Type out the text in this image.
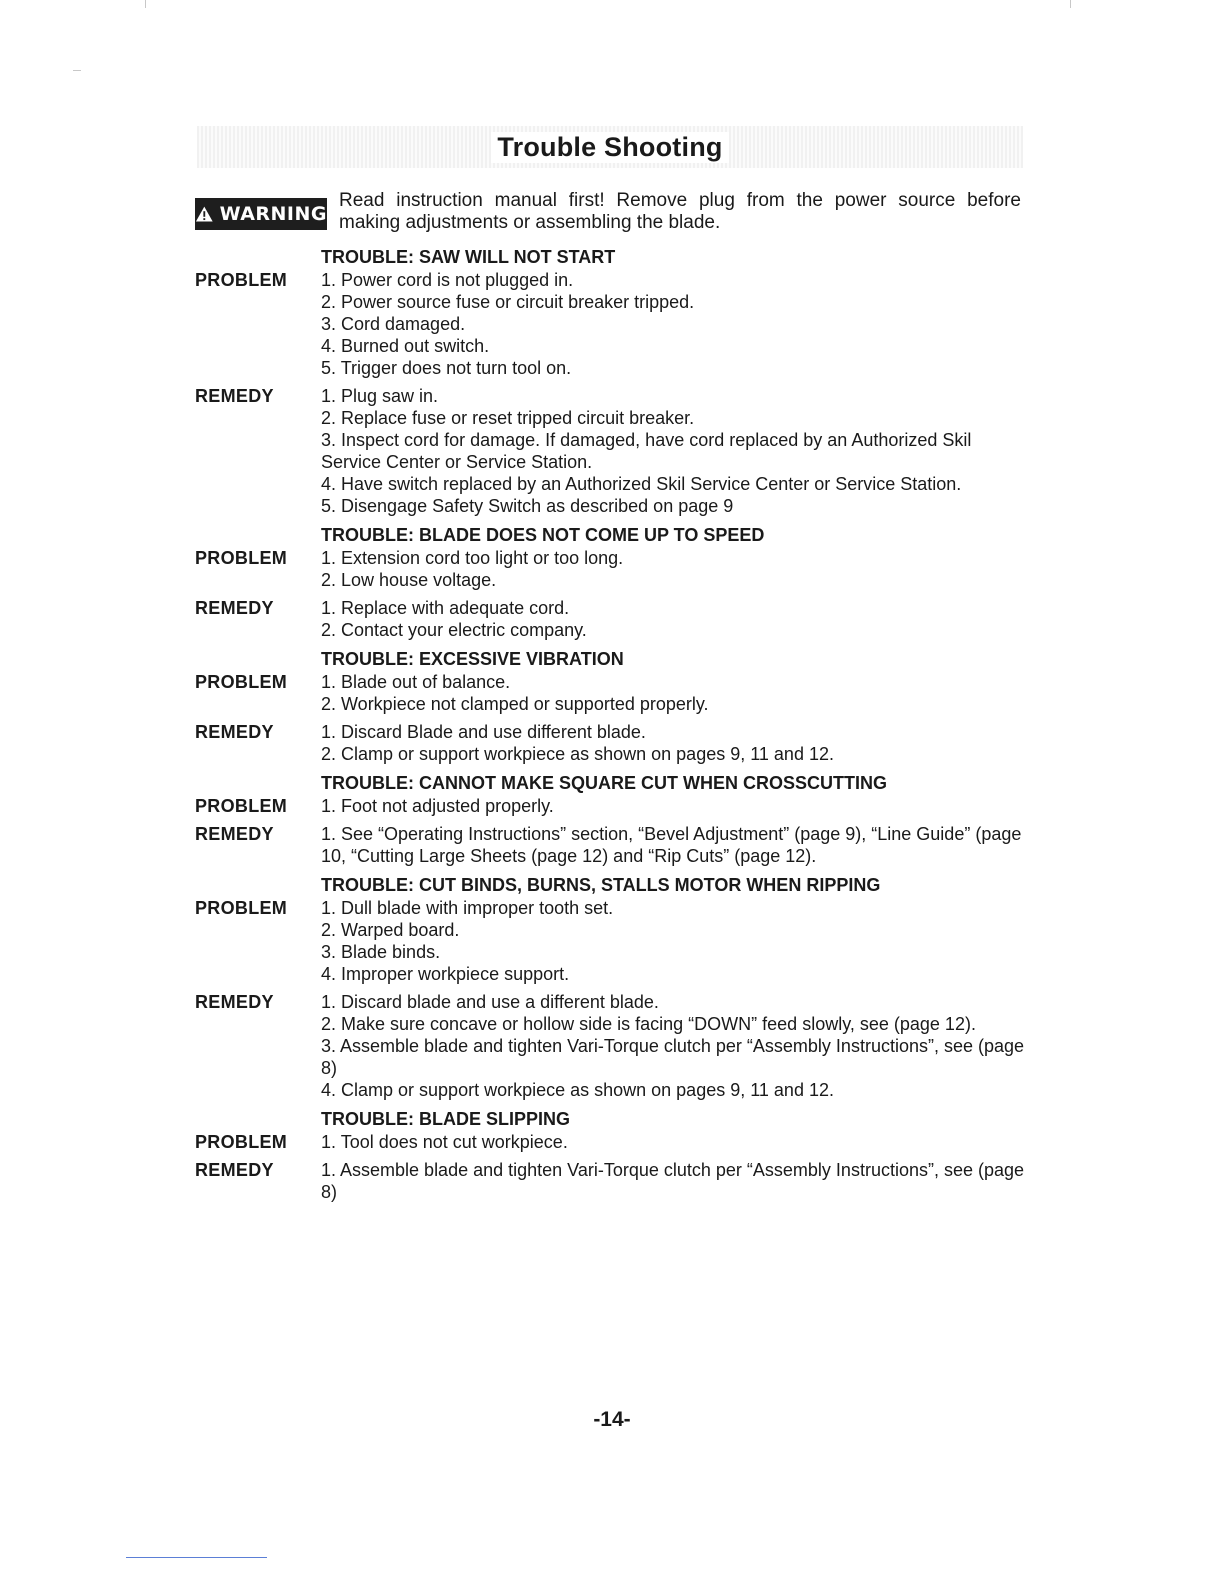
Trouble Shooting
WARNING
Read instruction manual first! Remove plug from the power source before making adjustments or assembling the blade.
TROUBLE: SAW WILL NOT START
PROBLEM	1. Power cord is not plugged in.
2. Power source fuse or circuit breaker tripped.
3. Cord damaged.
4. Burned out switch.
5. Trigger does not turn tool on.
REMEDY	1. Plug saw in.
2. Replace fuse or reset tripped circuit breaker.
3. Inspect cord for damage. If damaged, have cord replaced by an Authorized Skil Service Center or Service Station.
4. Have switch replaced by an Authorized Skil Service Center or Service Station.
5. Disengage Safety Switch as described on page 9
TROUBLE: BLADE DOES NOT COME UP TO SPEED
PROBLEM	1. Extension cord too light or too long.
2. Low house voltage.
REMEDY	1. Replace with adequate cord.
2. Contact your electric company.
TROUBLE: EXCESSIVE VIBRATION
PROBLEM	1. Blade out of balance.
2. Workpiece not clamped or supported properly.
REMEDY	1. Discard Blade and use different blade.
2. Clamp or support workpiece as shown on pages 9, 11 and 12.
TROUBLE: CANNOT MAKE SQUARE CUT WHEN CROSSCUTTING
PROBLEM	1. Foot not adjusted properly.
REMEDY	1. See “Operating Instructions” section, “Bevel Adjustment” (page 9), “Line Guide” (page 10, “Cutting Large Sheets (page 12) and “Rip Cuts” (page 12).
TROUBLE: CUT BINDS, BURNS, STALLS MOTOR WHEN RIPPING
PROBLEM	1. Dull blade with improper tooth set.
2. Warped board.
3. Blade binds.
4. Improper workpiece support.
REMEDY	1. Discard blade and use a different blade.
2. Make sure concave or hollow side is facing “DOWN” feed slowly, see (page 12).
3. Assemble blade and tighten Vari-Torque clutch per “Assembly Instructions”, see (page 8)
4. Clamp or support workpiece as shown on pages 9, 11 and 12.
TROUBLE: BLADE SLIPPING
PROBLEM	1. Tool does not cut workpiece.
REMEDY	1. Assemble blade and tighten Vari-Torque clutch per “Assembly Instructions”, see (page 8)
-14-
